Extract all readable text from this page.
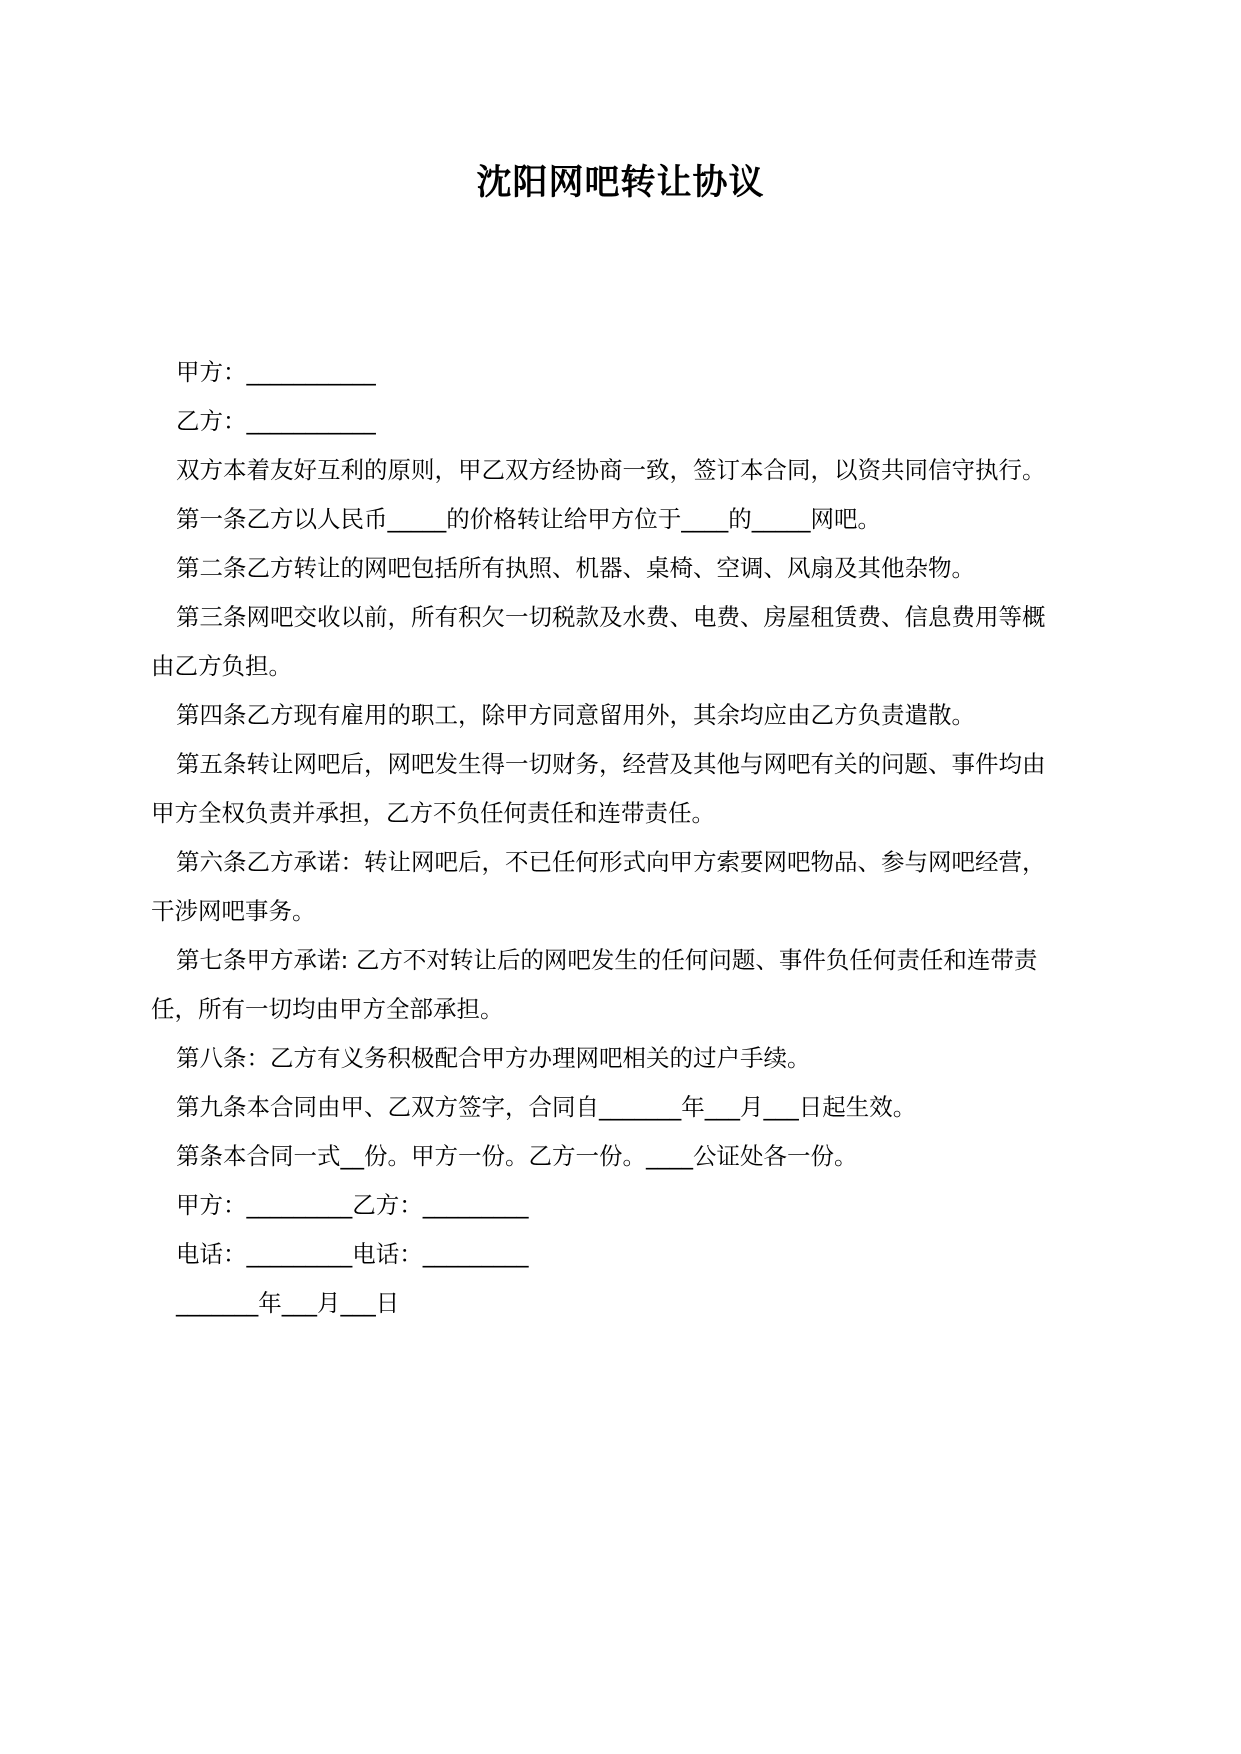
沈阳网吧转让协议
甲方：___________
乙方：___________
双方本着友好互利的原则，甲乙双方经协商一致，签订本合同，以资共同信守执行。
第一条乙方以人民币_____的价格转让给甲方位于____的_____网吧。
第二条乙方转让的网吧包括所有执照、机器、桌椅、空调、风扇及其他杂物。
第三条网吧交收以前，所有积欠一切税款及水费、电费、房屋租赁费、信息费用等概
由乙方负担。
第四条乙方现有雇用的职工，除甲方同意留用外，其余均应由乙方负责遣散。
第五条转让网吧后，网吧发生得一切财务，经营及其他与网吧有关的问题、事件均由
甲方全权负责并承担，乙方不负任何责任和连带责任。
第六条乙方承诺：转让网吧后，不已任何形式向甲方索要网吧物品、参与网吧经营，
干涉网吧事务。
第七条甲方承诺: 乙方不对转让后的网吧发生的任何问题、事件负任何责任和连带责
任，所有一切均由甲方全部承担。
第八条：乙方有义务积极配合甲方办理网吧相关的过户手续。
第九条本合同由甲、乙双方签字，合同自_______年___月___日起生效。
第条本合同一式__份。甲方一份。乙方一份。____公证处各一份。
甲方：_________乙方：_________
电话：_________电话：_________
_______年___月___日
